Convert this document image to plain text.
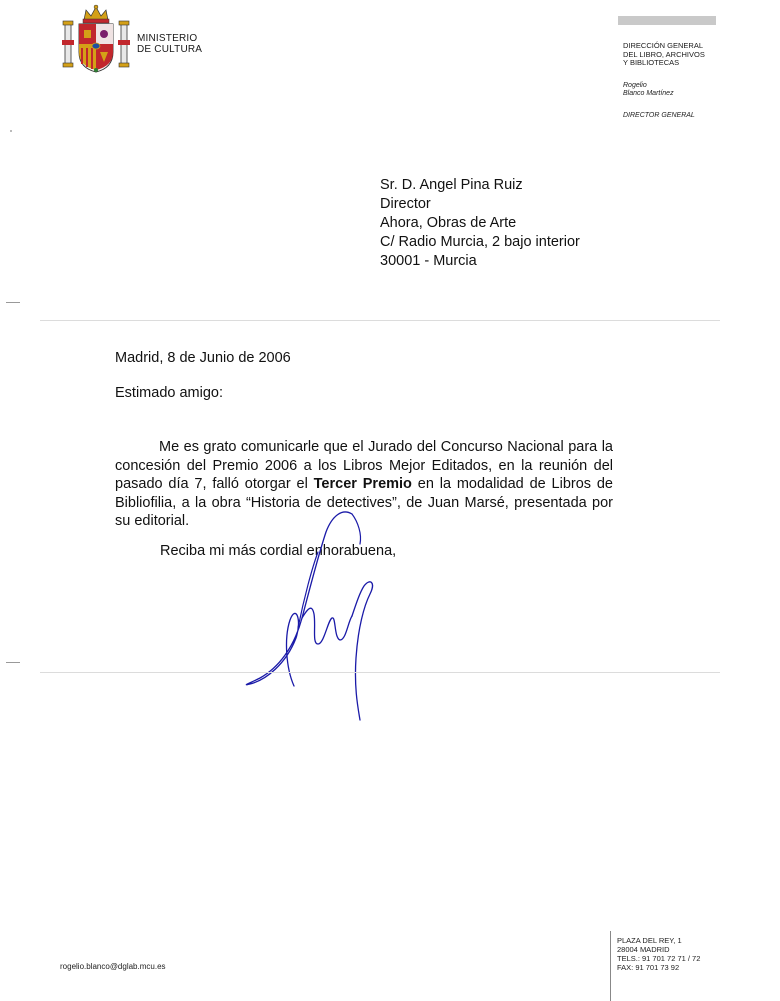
MINISTERIO
DE CULTURA	DIRECCIÓN GENERAL
DEL LIBRO, ARCHIVOS
Y BIBLIOTECAS
Rogelio
Blanco Martínez
DIRECTOR GENERAL
Sr. D. Angel Pina Ruiz
Director
Ahora, Obras de Arte
C/ Radio Murcia, 2 bajo interior
30001 - Murcia
Madrid, 8 de Junio de 2006
Estimado amigo:
Me es grato comunicarle que el Jurado del Concurso Nacional para la concesión del Premio 2006 a los Libros Mejor Editados, en la reunión del pasado día 7, falló otorgar el Tercer Premio en la modalidad de Libros de Bibliofilia, a la obra “Historia de detectives”, de Juan Marsé, presentada por su editorial.
Reciba mi más cordial enhorabuena,
rogelio.blanco@dglab.mcu.es
PLAZA DEL REY, 1
28004 MADRID
TELS.: 91 701 72 71 / 72
FAX: 91 701 73 92
